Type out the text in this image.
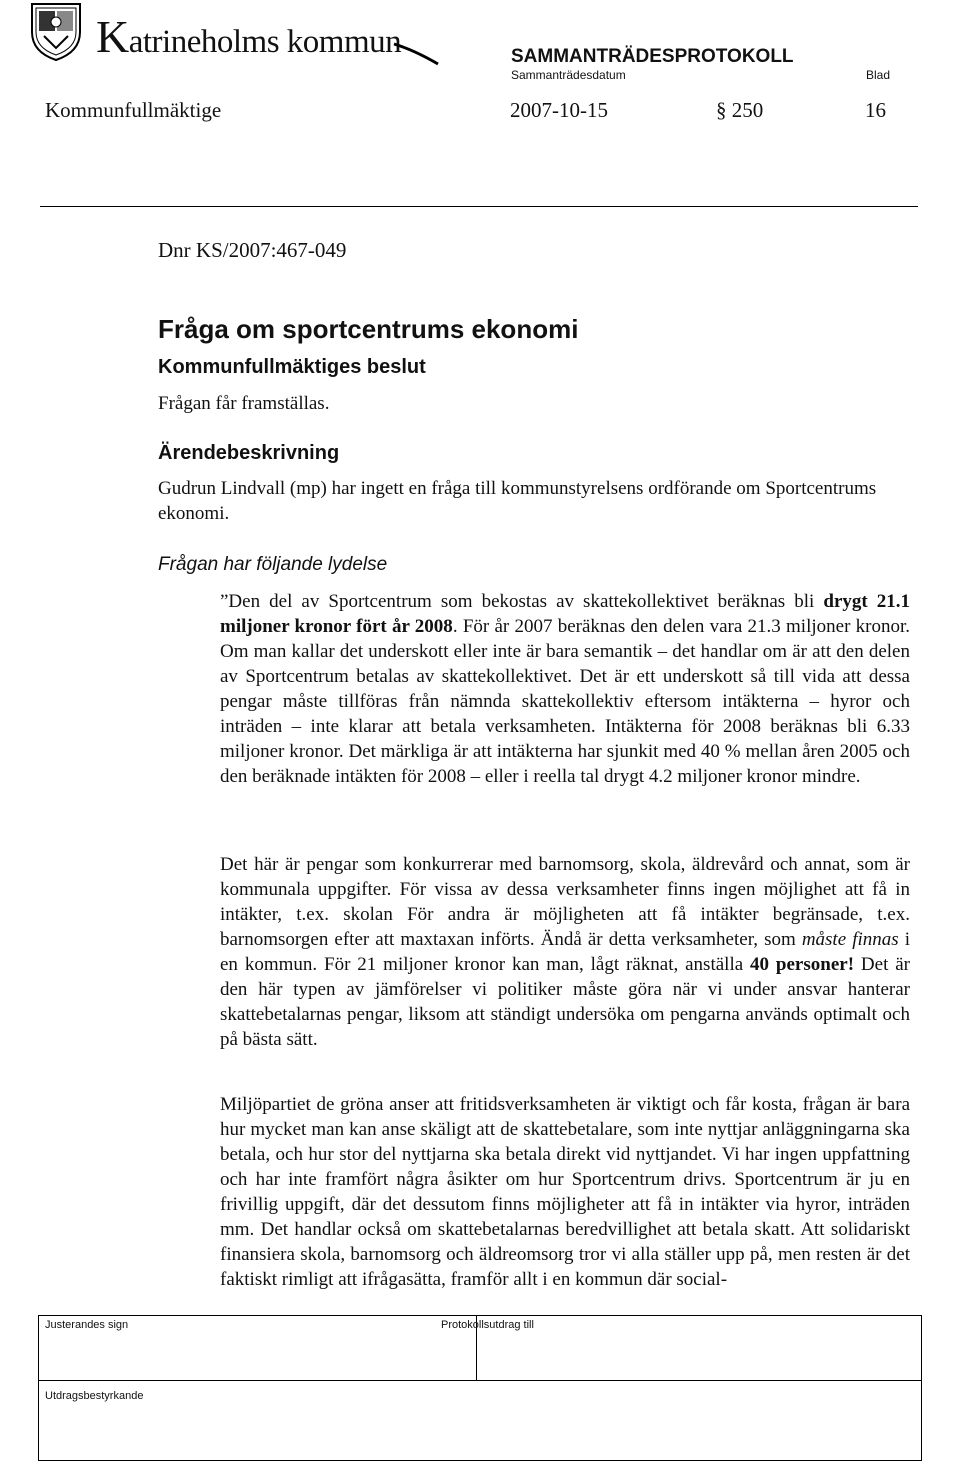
Katrineholms kommun	SAMMANTRÄDESPROTOKOLL
Sammanträdesdatum	Blad
Kommunfullmäktige	2007-10-15	§ 250	16
Dnr KS/2007:467-049
Fråga om sportcentrums ekonomi
Kommunfullmäktiges beslut
Frågan får framställas.
Ärendebeskrivning
Gudrun Lindvall (mp) har ingett en fråga till kommunstyrelsens ordförande om Sportcentrums ekonomi.
Frågan har följande lydelse
”Den del av Sportcentrum som bekostas av skattekollektivet beräknas bli drygt 21.1 miljoner kronor fört år 2008. För år 2007 beräknas den delen vara 21.3 miljoner kronor. Om man kallar det underskott eller inte är bara semantik – det handlar om är att den delen av Sportcentrum betalas av skattekollektivet. Det är ett underskott så till vida att dessa pengar måste tillföras från nämnda skattekollektiv eftersom intäkterna – hyror och inträden – inte klarar att betala verksamheten. Intäkterna för 2008 beräknas bli 6.33 miljoner kronor. Det märkliga är att intäkterna har sjunkit med 40 % mellan åren 2005 och den beräknade intäkten för 2008 – eller i reella tal drygt 4.2 miljoner kronor mindre.
Det här är pengar som konkurrerar med barnomsorg, skola, äldrevård och annat, som är kommunala uppgifter. För vissa av dessa verksamheter finns ingen möjlighet att få in intäkter, t.ex. skolan För andra är möjligheten att få intäkter begränsade, t.ex. barnomsorgen efter att maxtaxan införts. Ändå är detta verksamheter, som måste finnas i en kommun. För 21 miljoner kronor kan man, lågt räknat, anställa 40 personer! Det är den här typen av jämförelser vi politiker måste göra när vi under ansvar hanterar skattebetalarnas pengar, liksom att ständigt undersöka om pengarna används optimalt och på bästa sätt.
Miljöpartiet de gröna anser att fritidsverksamheten är viktigt och får kosta, frågan är bara hur mycket man kan anse skäligt att de skattebetalare, som inte nyttjar anläggningarna ska betala, och hur stor del nyttjarna ska betala direkt vid nyttjandet. Vi har ingen uppfattning och har inte framfört några åsikter om hur Sportcentrum drivs. Sportcentrum är ju en frivillig uppgift, där det dessutom finns möjligheter att få in intäkter via hyror, inträden mm. Det handlar också om skattebetalarnas beredvillighet att betala skatt. Att solidariskt finansiera skola, barnomsorg och äldreomsorg tror vi alla ställer upp på, men resten är det faktiskt rimligt att ifrågasätta, framför allt i en kommun där social-
Justerandes sign	Protokollsutdrag till
Utdragsbestyrkande
